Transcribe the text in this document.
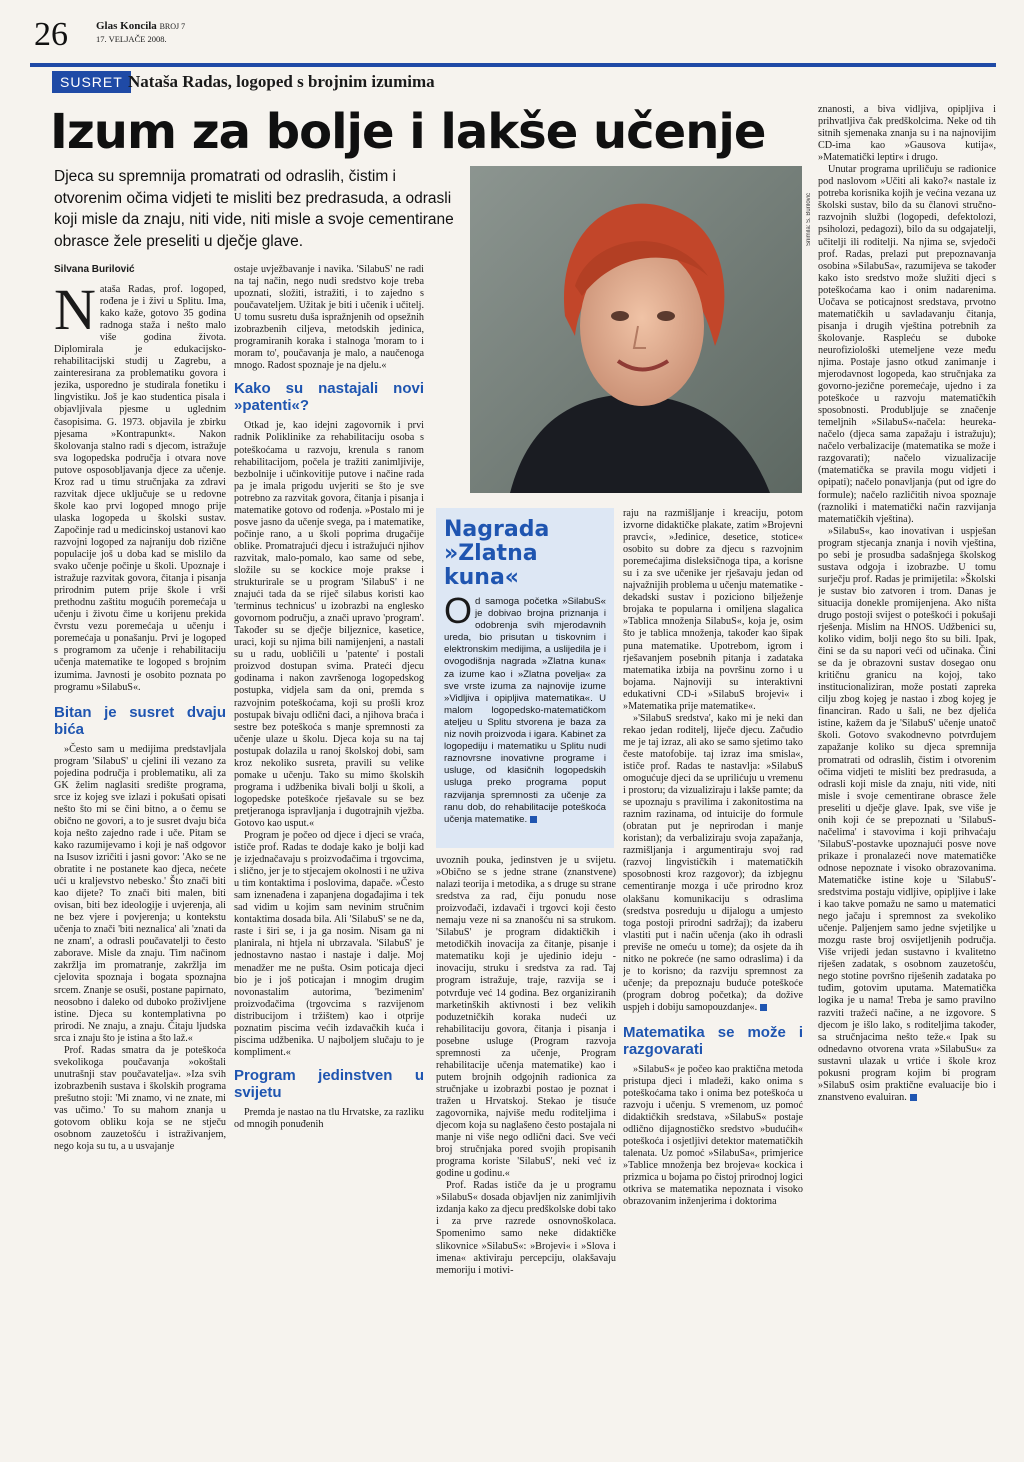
26	Glas Koncila BROJ 7
17. VELJAČE 2008.
SUSRET Nataša Radas, logoped s brojnim izumima
Izum za bolje i lakše učenje
Djeca su spremnija promatrati od odraslih, čistim i otvorenim očima vidjeti te misliti bez predrasuda, a odrasli koji misle da znaju, niti vide, niti misle a svoje cementirane obrasce žele preseliti u dječje glave.
Silvana Burilović

Nataša Radas, prof. logoped, rođena je i živi u Splitu. Ima, kako kaže, gotovo 35 godina radnoga staža i nešto malo više godina života. Diplomirala je edukacijsko-rehabilitacijski studij u Zagrebu, a zainteresirana za problematiku govora i jezika, usporedno je studirala fonetiku i lingvistiku. Još je kao studentica pisala i objavljivala pjesme u uglednim časopisima. G. 1973. objavila je zbirku pjesama »Kontrapunkt«. Nakon školovanja stalno radi s djecom, istražuje sva logopedska područja i otvara nove putove osposobljavanja djece za učenje. Kroz rad u timu stručnjaka za zdravi razvitak djece uključuje se u redovne škole kao prvi logoped mnogo prije ulaska logopeda u školski sustav. Započinje rad u medicinskoj ustanovi kao razvojni logoped za najraniju dob rizične populacije još u doba kad se mislilo da svako učenje počinje u školi. Upoznaje i istražuje razvitak govora, čitanja i pisanja prirodnim putem prije škole i vrši prethodnu zaštitu mogućih poremećaja u učenju i životu čime u korijenu prekida čvrstu vezu poremećaja u učenju i poremećaja u ponašanju. Prvi je logoped s programom za učenje i rehabilitaciju učenja matematike te logoped s brojnim izumima. Javnosti je osobito poznata po programu »SilabuS«.

Bitan je susret dvaju bića

»Često sam u medijima predstavljala program 'SilabuS' u cjelini ili vezano za pojedina područja i problematiku, ali za GK želim naglasiti središte programa, srce iz kojeg sve izlazi i pokušati opisati nešto što mi se čini bitno, a o čemu se obično ne govori, a to je susret dvaju bića koja nešto zajedno rade i uče. Pitam se kako razumijevamo i koji je naš odgovor na Isusov izričiti i jasni govor: 'Ako se ne obratite i ne postanete kao djeca, nećete ući u kraljevstvo nebesko.' Što znači biti kao dijete? To znači biti malen, biti ovisan, biti bez ideologije i uvjerenja, ali ne bez vjere i povjerenja; u kontekstu učenja to znači 'biti neznalica' ali 'znati da ne znam', a odrasli poučavatelji to često zaborave. Misle da znaju. Tim načinom zakržlja im promatranje, zakržlja im cjelovita spoznaja i bogata spoznajna srcem. Znanje se osuši, postane papirnato, neosobno i daleko od duboko proživljene istine. Djeca su kontemplativna po prirodi. Ne znaju, a znaju. Čitaju ljudska srca i znaju što je istina a što laž.«

Prof. Radas smatra da je poteškoća svekolikoga poučavanja »okoštali unutrašnji stav poučavatelja«. »Iza svih izobrazbenih sustava i školskih programa prešutno stoji: 'Mi znamo, vi ne znate, mi vas učimo.' To su mahom znanja u gotovom obliku koja se ne stječu osobnom zauzetošću i istraživanjem, nego koja su tu, a u usvajanje

ostaje uvježbavanje i navika. 'SilabuS' ne radi na taj način, nego nudi sredstvo koje treba upoznati, složiti, istražiti, i to zajedno s poučavateljem. Užitak je biti i učenik i učitelj. U tomu susretu duša ispražnjenih od opsežnih izobrazbenih ciljeva, metodskih jedinica, programiranih koraka i stalnoga 'moram to i moram to', poučavanja je malo, a naučenoga mnogo. Radost spoznaje je na djelu.«

Kako su nastajali novi »patenti«?

Otkad je, kao idejni zagovornik i prvi radnik Poliklinike za rehabilitaciju osoba s poteškoćama u razvoju, krenula s ranom rehabilitacijom, počela je tražiti zanimljivije, bezbolnije i učinkovitije putove i načine rada pa je imala prigodu uvjeriti se što je sve potrebno za razvitak govora, čitanja i pisanja i matematike gotovo od rođenja. »Postalo mi je posve jasno da učenje svega, pa i matematike, počinje rano, a u školi poprima drugačije oblike. Promatrajući djecu i istražujući njihov razvitak, malo-pomalo, kao same od sebe, složile su se kockice moje prakse i strukturirale se u program 'SilabuS' i ne znajući tada da se riječ silabus koristi kao 'terminus technicus' u izobrazbi na englesko govornom području, a znači upravo 'program'. Također su se dječje biljeznice, kasetice, uraci, koji su njima bili namijenjeni, a nastali su u radu, uobličili u 'patente' i postali proizvod dostupan svima. Prateći djecu godinama i nakon završenoga logopedskog postupka, vidjela sam da oni, premda s razvojnim poteškoćama, koji su prošli kroz postupak bivaju odlični đaci, a njihova braća i sestre bez poteškoća s manje spremnosti za učenje ulaze u školu. Djeca koja su na taj postupak dolazila u ranoj školskoj dobi, sam kroz nekoliko susreta, pravili su velike pomake u učenju. Tako su mimo školskih programa i udžbenika bivali bolji u školi, a logopedske poteškoće rješavale su se bez pretjeranoga ispravljanja i dugotrajnih vježba. Gotovo kao usput.«

Program je počeo od djece i djeci se vraća, ističe prof. Radas te dodaje kako je bolji kad je izjednačavaju s proizvođačima i trgovcima, i slično, jer je to stjecajem okolnosti i ne uživa u tim kontaktima i poslovima, dapače. »Često sam iznenađena i zapanjena događajima i tek sad vidim u kojim sam nevinim stručnim kontaktima dosada bila. Ali 'SilabuS' se ne da, raste i širi se, i ja ga nosim. Nisam ga ni planirala, ni htjela ni ubrzavala. 'SilabuS' je jednostavno nastao i nastaje i dalje. Moj menadžer me ne pušta. Osim poticaja djeci bio je i još poticajan i mnogim drugim novonastalim autorima, 'bezimenim' proizvođačima (trgovcima s razvijenom distribucijom i tržištem) kao i otprije poznatim piscima većih izdavačkih kuća i piscima udžbenika. U najboljem slučaju to je kompliment.«

Program jedinstven u svijetu

Premda je nastao na tlu Hrvatske, za razliku od mnogih ponuđenih

Snimila: S. Burilović
Nagrada
»Zlatna kuna«
Od samoga početka »SilabuS« je dobivao brojna priznanja i odobrenja svih mjerodavnih ureda, bio prisutan u tiskovnim i elektronskim medijima, a uslijedila je i ovogodišnja nagrada »Zlatna kuna« za izume kao i »Zlatna povelja« za sve vrste izuma za najnovije izume »Vidljiva i opipljiva matematika«. U malom logopedsko-matematičkom ateljeu u Splitu stvorena je baza za niz novih proizvoda i igara. Kabinet za logopediju i matematiku u Splitu nudi raznovrsne inovativne programe i usluge, od klasičnih logopedskih usluga preko programa poput razvijanja spremnosti za učenje za ranu dob, do rehabilitacije poteškoća učenja matematike.

uvoznih pouka, jedinstven je u svijetu. »Obično se s jedne strane (znanstvene) nalazi teorija i metodika, a s druge su strane sredstva za rad, čiju ponudu nose proizvođači, izdavači i trgovci koji često nemaju veze ni sa znanošću ni sa strukom. 'SilabuS' je program didaktičkih i metodičkih inovacija za čitanje, pisanje i matematiku koji je ujedinio ideju - inovaciju, struku i sredstva za rad. Taj program istražuje, traje, razvija se i potvrđuje već 14 godina. Bez organiziranih marketinških aktivnosti i bez velikih poduzetničkih koraka nudeći uz rehabilitaciju govora, čitanja i pisanja i posebne usluge (Program razvoja spremnosti za učenje, Program rehabilitacije učenja matematike) kao i putem brojnih odgojnih radionica za stručnjake u izobrazbi postao je poznat i tražen u Hrvatskoj. Stekao je tisuće zagovornika, najviše među roditeljima i djecom koja su naglašeno često postajala ni manje ni više nego odlični đaci. Sve veći broj stručnjaka pored svojih propisanih programa koriste 'SilabuS', neki već iz godine u godinu.«

Prof. Radas ističe da je u programu »SilabuS« dosada objavljen niz zanimljivih izdanja kako za djecu predškolske dobi tako i za prve razrede osnovnoškolaca. Spomenimo samo neke didaktičke slikovnice »SilabuS«: »Brojevi« i »Slova i imena« aktiviraju percepciju, olakšavaju memoriju i motivi-

raju na razmišljanje i kreaciju, potom izvorne didaktičke plakate, zatim »Brojevni pravci«, »Jedinice, desetice, stotice« osobito su dobre za djecu s razvojnim poremećajima disleksičnoga tipa, a korisne su i za sve učenike jer rješavaju jedan od najvažnijih problema u učenju matematike - dekadski sustav i poziciono bilježenje brojaka te popularna i omiljena slagalica »Tablica množenja SilabuS«, koja je, osim što je tablica množenja, također kao šipak puna matematike. Upotrebom, igrom i rješavanjem posebnih pitanja i zadataka matematika izbija na površinu zorno i u bojama. Najnoviji su interaktivni edukativni CD-i »SilabuS brojevi« i »Matematika prije matematike«.

»'SilabuS sredstva', kako mi je neki dan rekao jedan roditelj, liječe djecu. Začudio me je taj izraz, ali ako se samo sjetimo tako česte matofobije. taj izraz ima smisla«, ističe prof. Radas te nastavlja: »SilabuS omogućuje djeci da se uprilićuju u vremenu i prostoru; da vizualiziraju i lakše pamte; da se upoznaju s pravilima i zakonitostima na raznim razinama, od intuicije do formule (obratan put je neprirodan i manje koristan); da verbaliziraju svoja zapažanja, razmišljanja i argumentiraju svoj rad (razvoj lingvističkih i matematičkih sposobnosti kroz razgovor); da izbjegnu cementiranje mozga i uče prirodno kroz olakšanu komunikaciju s odraslima (sredstva posreduju u dijalogu a umjesto toga postoji prirodni sadržaj); da izaberu vlastiti put i način učenja (ako ih odrasli previše ne omeću u tome); da osjete da ih nitko ne pokreće (ne samo odraslima) i da je to korisno; da razviju spremnost za učenje; da prepoznaju buduće poteškoće (program dobrog početka); da dožive uspjeh i dobiju samopouzdanje«.

Matematika se može i razgovarati

»SilabuS« je počeo kao praktična metoda pristupa djeci i mladeži, kako onima s poteškoćama tako i onima bez poteškoća u razvoju i učenju. S vremenom, uz pomoć didaktičkih sredstava, »SilabuS« postaje odlično dijagnostičko sredstvo »budućih« poteškoća i osjetljivi detektor matematičkih talenata. Uz pomoć »SilabuSa«, primjerice »Tablice množenja bez brojeva« kockica i prizmica u bojama po čistoj prirodnoj logici otkriva se matematika nepoznata i visoko obrazovanim inženjerima i doktorima

znanosti, a biva vidljiva, opipljiva i prihvatljiva čak predškolcima. Neke od tih sitnih sjemenaka znanja su i na najnovijim CD-ima kao »Gausova kutija«, »Matematički leptir« i drugo.

Unutar programa upriličuju se radionice pod naslovom »Učiti ali kako?« nastale iz potreba korisnika kojih je većina vezana uz školski sustav, bilo da su članovi stručno-razvojnih službi (logopedi, defektolozi, psiholozi, pedagozi), bilo da su odgajatelji, učitelji ili roditelji. Na njima se, svjedoči prof. Radas, prelazi put prepoznavanja osobina »SilabuSa«, razumijeva se također kako isto sredstvo može služiti djeci s poteškoćama kao i onim nadarenima. Uočava se poticajnost sredstava, prvotno matematičkih u savladavanju čitanja, pisanja i drugih vještina potrebnih za školovanje. Raspleću se duboke neurofiziološki utemeljene veze među njima. Postaje jasno otkud zanimanje i mjerodavnost logopeda, kao stručnjaka za govorno-jezične poremećaje, ujedno i za poteškoće u razvoju matematičkih sposobnosti. Produbljuje se značenje temeljnih »SilabuS«-načela: heureka-načelo (djeca sama zapažaju i istražuju); načelo verbalizacije (matematika se može i razgovarati); načelo vizualizacije (matematička se pravila mogu vidjeti i opipati); načelo ponavljanja (put od igre do formule); načelo različitih nivoa spoznaje (raznoliki i matematički način razvijanja matematičkih vještina).

»SilabuS«, kao inovativan i uspješan program stjecanja znanja i novih vještina, po sebi je prosudba sadašnjega školskog sustava odgoja i izobrazbe. U tomu surječju prof. Radas je primijetila: »Školski je sustav bio zatvoren i trom. Danas je situacija donekle promijenjena. Ako ništa drugo postoji svijest o poteškoći i pokušaji rješenja. Mislim na HNOS. Udžbenici su, koliko vidim, bolji nego što su bili. Ipak, čini se da su napori veći od učinaka. Čini se da je obrazovni sustav dosegao onu kritičnu granicu na kojoj, tako institucionaliziran, može postati zapreka cilju zbog kojeg je nastao i zbog kojeg je financiran. Rado u šali, ne bez djelića istine, kažem da je 'SilabuS' učenje unatoč školi. Gotovo svakodnevno potvrđujem zapažanje koliko su djeca spremnija promatrati od odraslih, čistim i otvorenim očima vidjeti te misliti bez predrasuda, a odrasli koji misle da znaju, niti vide, niti misle i svoje cementirane obrasce žele preseliti u dječje glave. Ipak, sve više je onih koji će se prepoznati u 'SilabuS-načelima' i stavovima i koji prihvaćaju 'SilabuS'-postavke upoznajući posve nove prikaze i pronalazeći nove matematičke odnose nepoznate i visoko obrazovanima. Matematičke istine koje u 'SilabuS'-sredstvima postaju vidljive, opipljive i lake i kao takve pomažu ne samo u matematici nego jačaju i spremnost za svekoliko učenje. Paljenjem samo jedne svjetiljke u mozgu raste broj osvijetljenih područja. Više vrijedi jedan sustavno i kvalitetno riješen zadatak, s osobnom zauzetošću, nego stotine površno riješenih zadataka po tuđim, gotovim uputama. Matematička logika je u nama! Treba je samo pravilno razviti tražeći načine, a ne izgovore. S djecom je išlo lako, s roditeljima također, sa stručnjacima nešto teže.« Ipak su odnedavno otvorena vrata »SilabuSu« za sustavni ulazak u vrtiće i škole kroz pokusni program kojim bi program »SilabuS osim praktične evaluacije bio i znanstveno evaluiran.
